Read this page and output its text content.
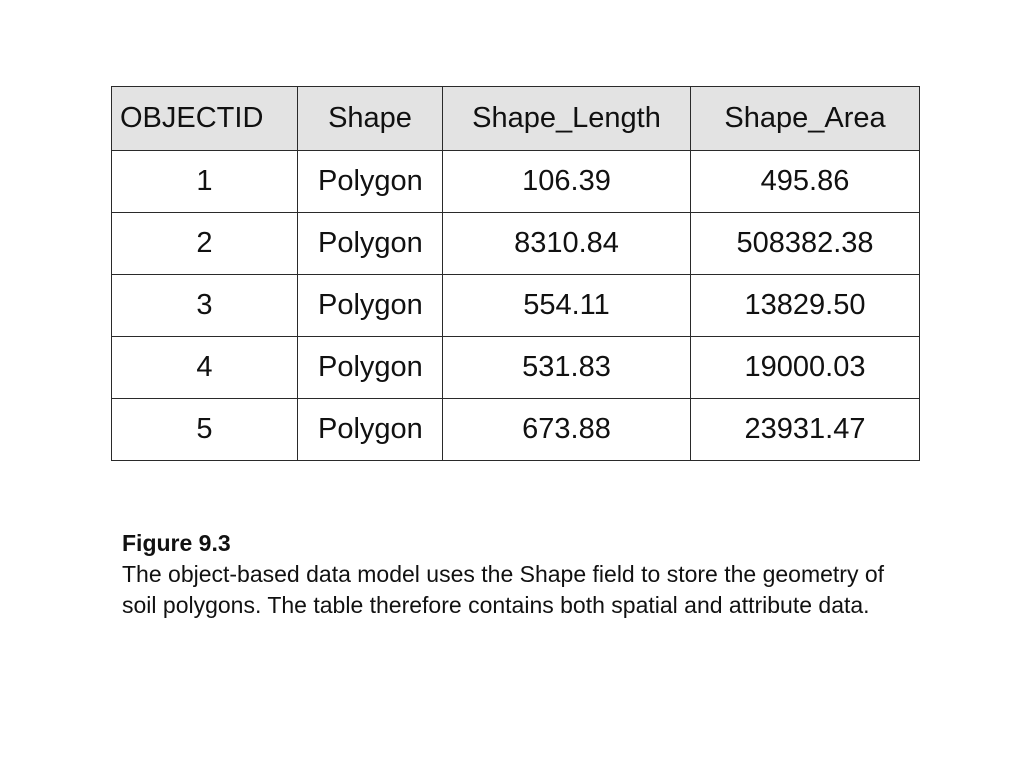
OBJECTID	Shape	Shape_Length	Shape_Area
1	Polygon	106.39	495.86
2	Polygon	8310.84	508382.38
3	Polygon	554.11	13829.50
4	Polygon	531.83	19000.03
5	Polygon	673.88	23931.47
Figure 9.3

The object-based data model uses the Shape field to store the geometry of soil polygons. The table therefore contains both spatial and attribute data.
